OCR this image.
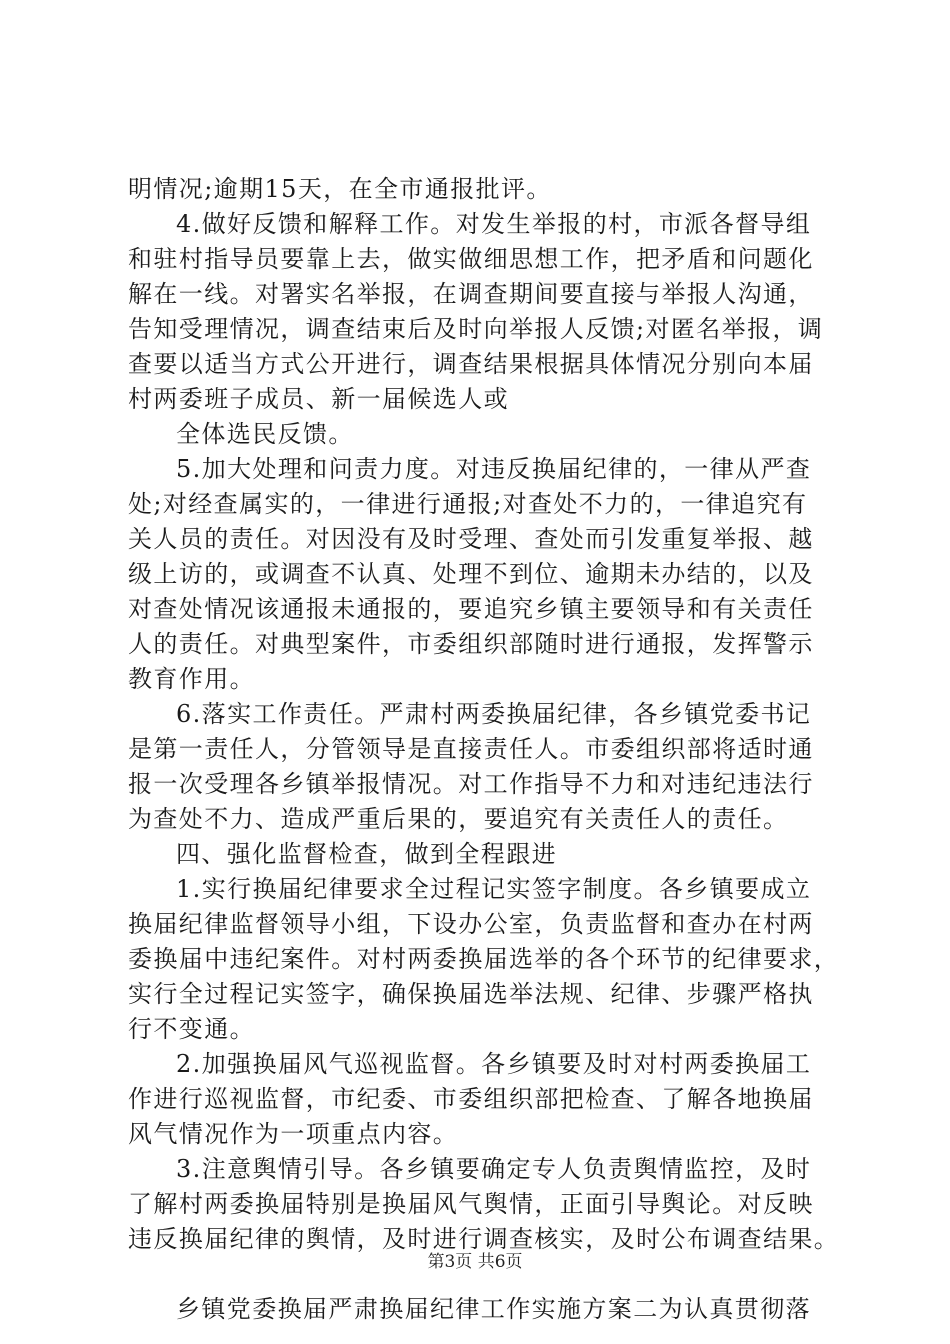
明情况;逾期15天，在全市通报批评。
4.做好反馈和解释工作。对发生举报的村，市派各督导组
和驻村指导员要靠上去，做实做细思想工作，把矛盾和问题化
解在一线。对署实名举报，在调查期间要直接与举报人沟通，
告知受理情况，调查结束后及时向举报人反馈;对匿名举报，调
查要以适当方式公开进行，调查结果根据具体情况分别向本届
村两委班子成员、新一届候选人或
全体选民反馈。
5.加大处理和问责力度。对违反换届纪律的，一律从严查
处;对经查属实的，一律进行通报;对查处不力的，一律追究有
关人员的责任。对因没有及时受理、查处而引发重复举报、越
级上访的，或调查不认真、处理不到位、逾期未办结的，以及
对查处情况该通报未通报的，要追究乡镇主要领导和有关责任
人的责任。对典型案件，市委组织部随时进行通报，发挥警示
教育作用。
6.落实工作责任。严肃村两委换届纪律，各乡镇党委书记
是第一责任人，分管领导是直接责任人。市委组织部将适时通
报一次受理各乡镇举报情况。对工作指导不力和对违纪违法行
为查处不力、造成严重后果的，要追究有关责任人的责任。
四、强化监督检查，做到全程跟进
1.实行换届纪律要求全过程记实签字制度。各乡镇要成立
换届纪律监督领导小组，下设办公室，负责监督和查办在村两
委换届中违纪案件。对村两委换届选举的各个环节的纪律要求，
实行全过程记实签字，确保换届选举法规、纪律、步骤严格执
行不变通。
2.加强换届风气巡视监督。各乡镇要及时对村两委换届工
作进行巡视监督，市纪委、市委组织部把检查、了解各地换届
风气情况作为一项重点内容。
3.注意舆情引导。各乡镇要确定专人负责舆情监控，及时
了解村两委换届特别是换届风气舆情，正面引导舆论。对反映
违反换届纪律的舆情，及时进行调查核实，及时公布调查结果。
乡镇党委换届严肃换届纪律工作实施方案二为认真贯彻落
第3页 共6页
